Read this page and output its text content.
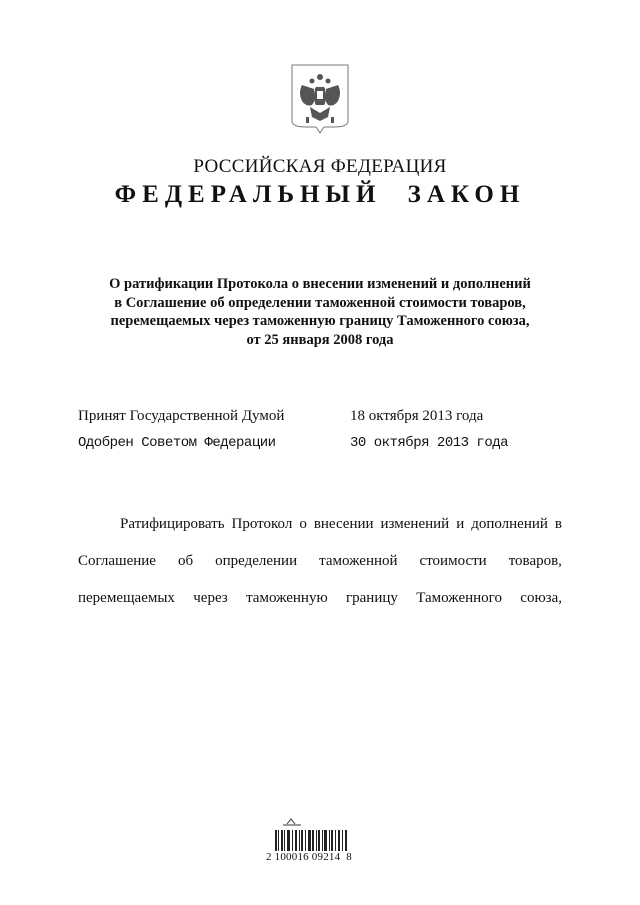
РОССИЙСКАЯ ФЕДЕРАЦИЯ
ФЕДЕРАЛЬНЫЙ ЗАКОН
О ратификации Протокола о внесении изменений и дополнений
в Соглашение об определении таможенной стоимости товаров,
перемещаемых через таможенную границу Таможенного союза,
от 25 января 2008 года
Принят Государственной Думой	18 октября 2013 года
Одобрен Советом Федерации	30 октября 2013 года
Ратифицировать Протокол о внесении изменений и дополнений в
Соглашение об определении таможенной стоимости товаров,
перемещаемых через таможенную границу Таможенного союза,
2 100016 09214  8
